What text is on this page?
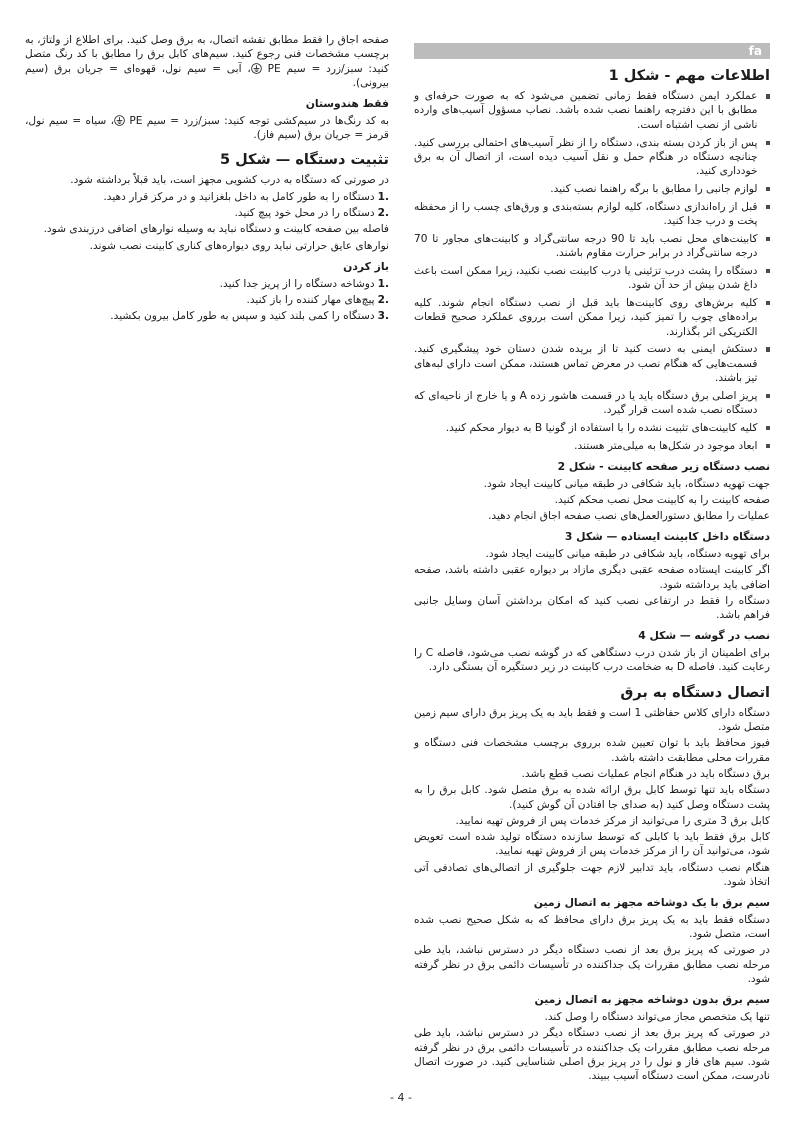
fa
اطلاعات مهم - شکل 1

عملکرد ایمن دستگاه فقط زمانی تضمین می‌شود که به صورت حرفه‌ای و مطابق با این دفترچه راهنما نصب شده باشد. نصاب مسؤول آسیب‌های وارده ناشی از نصب اشتباه است.

پس از باز کردن بسته بندی، دستگاه را از نظر آسیب‌های احتمالی بررسی کنید. چنانچه دستگاه در هنگام حمل و نقل آسیب دیده است، از اتصال آن به برق خودداری کنید.

لوازم جانبی را مطابق با برگه راهنما نصب کنید.

قبل از راه‌اندازی دستگاه، کلیه لوازم بسته‌بندی و ورق‌های چسب را از محفظه پخت و درب جدا کنید.

کابینت‌های محل نصب باید تا 90 درجه سانتی‌گراد و کابینت‌های مجاور تا 70 درجه سانتی‌گراد در برابر حرارت مقاوم باشند.

دستگاه را پشت درب تزئینی یا درب کابینت نصب نکنید، زیرا ممکن است باعث داغ شدن بیش از حد آن شود.

کلیه برش‌های روی کابینت‌ها باید قبل از نصب دستگاه انجام شوند. کلیه براده‌های چوب را تمیز کنید، زیرا ممکن است برروی عملکرد صحیح قطعات الکتریکی اثر بگذارند.

دستکش ایمنی به دست کنید تا از بریده شدن دستان خود پیشگیری کنید. قسمت‌هایی که هنگام نصب در معرض تماس هستند، ممکن است دارای لبه‌های تیز باشند.

پریز اصلی برق دستگاه باید یا در قسمت هاشور زده A و یا خارج از ناحیه‌ای که دستگاه نصب شده است قرار گیرد.

کلیه کابینت‌های تثبیت نشده را با استفاده از گونیا B به دیوار محکم کنید.

ابعاد موجود در شکل‌ها به میلی‌متر هستند.

نصب دستگاه زیر صفحه کابینت - شکل 2

جهت تهویه دستگاه، باید شکافی در طبقه میانی کابینت ایجاد شود.

صفحه کابینت را به کابینت محل نصب محکم کنید.

عملیات را مطابق دستورالعمل‌های نصب صفحه اجاق انجام دهید.

دستگاه داخل کابینت ایستاده — شکل 3

برای تهویه دستگاه، باید شکافی در طبقه میانی کابینت ایجاد شود.

اگر کابینت ایستاده صفحه عقبی دیگری مازاد بر دیواره عقبی داشته باشد، صفحه اضافی باید برداشته شود.

دستگاه را فقط در ارتفاعی نصب کنید که امکان برداشتن آسان وسایل جانبی فراهم باشد.

نصب در گوشه — شکل 4

برای اطمینان از باز شدن درب دستگاهی که در گوشه نصب می‌شود، فاصله C را رعایت کنید. فاصله D به ضخامت درب کابینت در زیر دستگیره آن بستگی دارد.

اتصال دستگاه به برق

دستگاه دارای کلاس حفاظتی 1 است و فقط باید به یک پریز برق دارای سیم زمین متصل شود.

فیوز محافظ باید با توان تعیین شده برروی برچسب مشخصات فنی دستگاه و مقررات محلی مطابقت داشته باشد.

برق دستگاه باید در هنگام انجام عملیات نصب قطع باشد.

دستگاه باید تنها توسط کابل برق ارائه شده به برق متصل شود. کابل برق را به پشت دستگاه وصل کنید (به صدای جا افتادن آن گوش کنید).

کابل برق 3 متری را می‌توانید از مرکز خدمات پس از فروش تهیه نمایید.

کابل برق فقط باید با کابلی که توسط سازنده دستگاه تولید شده است تعویض شود، می‌توانید آن را از مرکز خدمات پس از فروش تهیه نمایید.

هنگام نصب دستگاه، باید تدابیر لازم جهت جلوگیری از اتصالی‌های تصادفی آتی اتخاذ شود.

سیم برق با یک دوشاخه مجهز به اتصال زمین

دستگاه فقط باید به یک پریز برق دارای محافظ که به شکل صحیح نصب شده است، متصل شود.

در صورتی که پریز برق بعد از نصب دستگاه دیگر در دسترس نباشد، باید طی مرحله نصب مطابق مقررات یک جداکننده در تأسیسات دائمی برق در نظر گرفته شود.

سیم برق بدون دوشاخه مجهز به اتصال زمین

تنها یک متخصص مجاز می‌تواند دستگاه را وصل کند.

در صورتی که پریز برق بعد از نصب دستگاه دیگر در دسترس نباشد، باید طی مرحله نصب مطابق مقررات یک جداکننده در تأسیسات دائمی برق در نظر گرفته شود. سیم های فاز و نول را در پریز برق اصلی شناسایی کنید. در صورت اتصال نادرست، ممکن است دستگاه آسیب ببیند.

صفحه اجاق را فقط مطابق نقشه اتصال، به برق وصل کنید. برای اطلاع از ولتاژ، به برچسب مشخصات فنی رجوع کنید. سیم‌های کابل برق را مطابق با کد رنگ متصل کنید: سبز/زرد = سیم PE ، آبی = سیم نول، قهوه‌ای = جریان برق (سیم بیرونی).

فقط هندوستان

به کد رنگ‌ها در سیم‌کشی توجه کنید: سبز/زرد = سیم PE ، سیاه = سیم نول، قرمز = جریان برق (سیم فاز).

تثبیت دستگاه — شکل 5

در صورتی که دستگاه به درب کشویی مجهز است، باید قبلاً برداشته شود.

1.دستگاه را به طور کامل به داخل بلغزانید و در مرکز قرار دهید.

2.دستگاه را در محل خود پیچ کنید.

فاصله بین صفحه کابینت و دستگاه نباید به وسیله نوارهای اضافی درزبندی شود.

نوارهای عایق حرارتی نباید روی دیواره‌های کناری کابینت نصب شوند.

باز کردن

1.دوشاخه دستگاه را از پریز جدا کنید.

2.پیچ‌های مهار کننده را باز کنید.

3.دستگاه را کمی بلند کنید و سپس به طور کامل بیرون بکشید.

- 4 -
